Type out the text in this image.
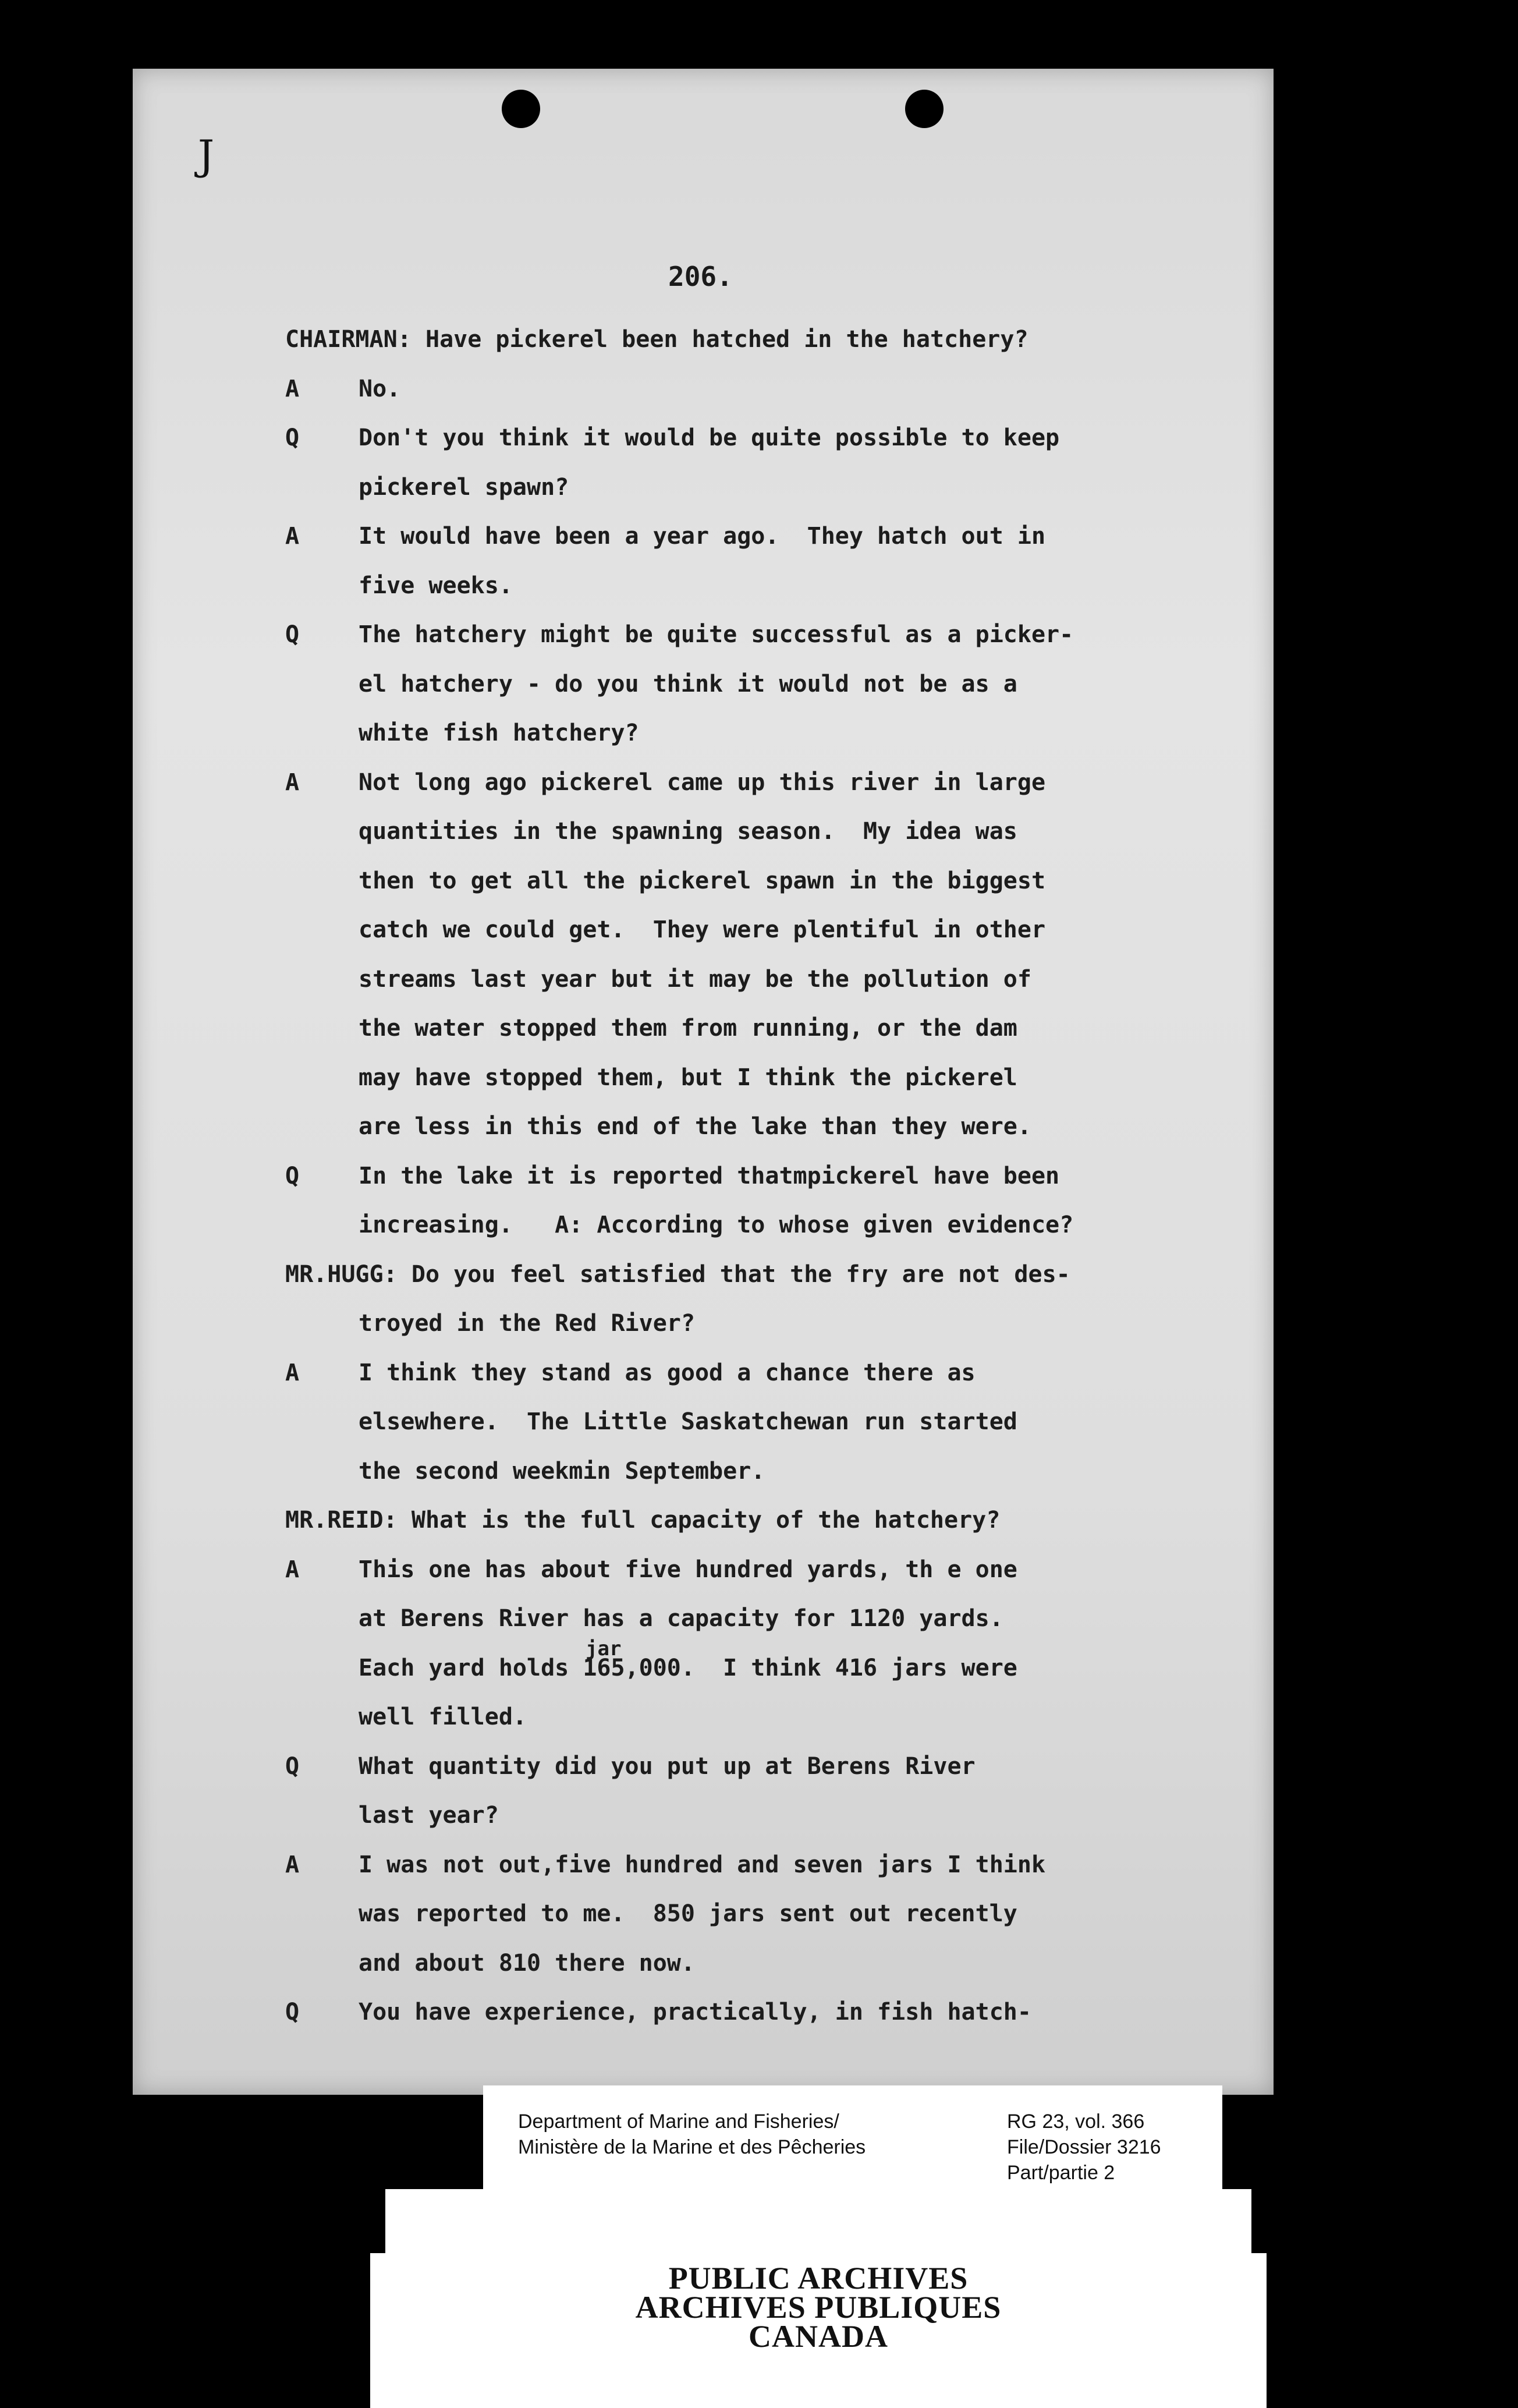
J
206.
CHAIRMAN: Have pickerel been hatched in the hatchery?
A	No.
Q	Don't you think it would be quite possible to keep
pickerel spawn?
A	It would have been a year ago.  They hatch out in
five weeks.
Q	The hatchery might be quite successful as a picker-
el hatchery - do you think it would not be as a
white fish hatchery?
A	Not long ago pickerel came up this river in large
quantities in the spawning season.  My idea was
then to get all the pickerel spawn in the biggest
catch we could get.  They were plentiful in other
streams last year but it may be the pollution of
the water stopped them from running, or the dam
may have stopped them, but I think the pickerel
are less in this end of the lake than they were.
Q	In the lake it is reported thatmpickerel have been
increasing.   A: According to whose given evidence?
MR.HUGG: Do you feel satisfied that the fry are not des-
troyed in the Red River?
A	I think they stand as good a chance there as
elsewhere.  The Little Saskatchewan run started
the second weekmin September.
MR.REID: What is the full capacity of the hatchery?
A	This one has about five hundred yards, th e one
at Berens River has a capacity for 1120 yards.
Each yard holds 165,000.  I think 416 jars were
well filled.
Q	What quantity did you put up at Berens River
last year?
A	I was not out,five hundred and seven jars I think
was reported to me.  850 jars sent out recently
and about 810 there now.
Q	You have experience, practically, in fish hatch-
jar
Department of Marine and Fisheries/
Ministère de la Marine et des Pêcheries
RG 23, vol. 366
File/Dossier 3216
Part/partie 2
PUBLIC ARCHIVES
ARCHIVES PUBLIQUES
CANADA
